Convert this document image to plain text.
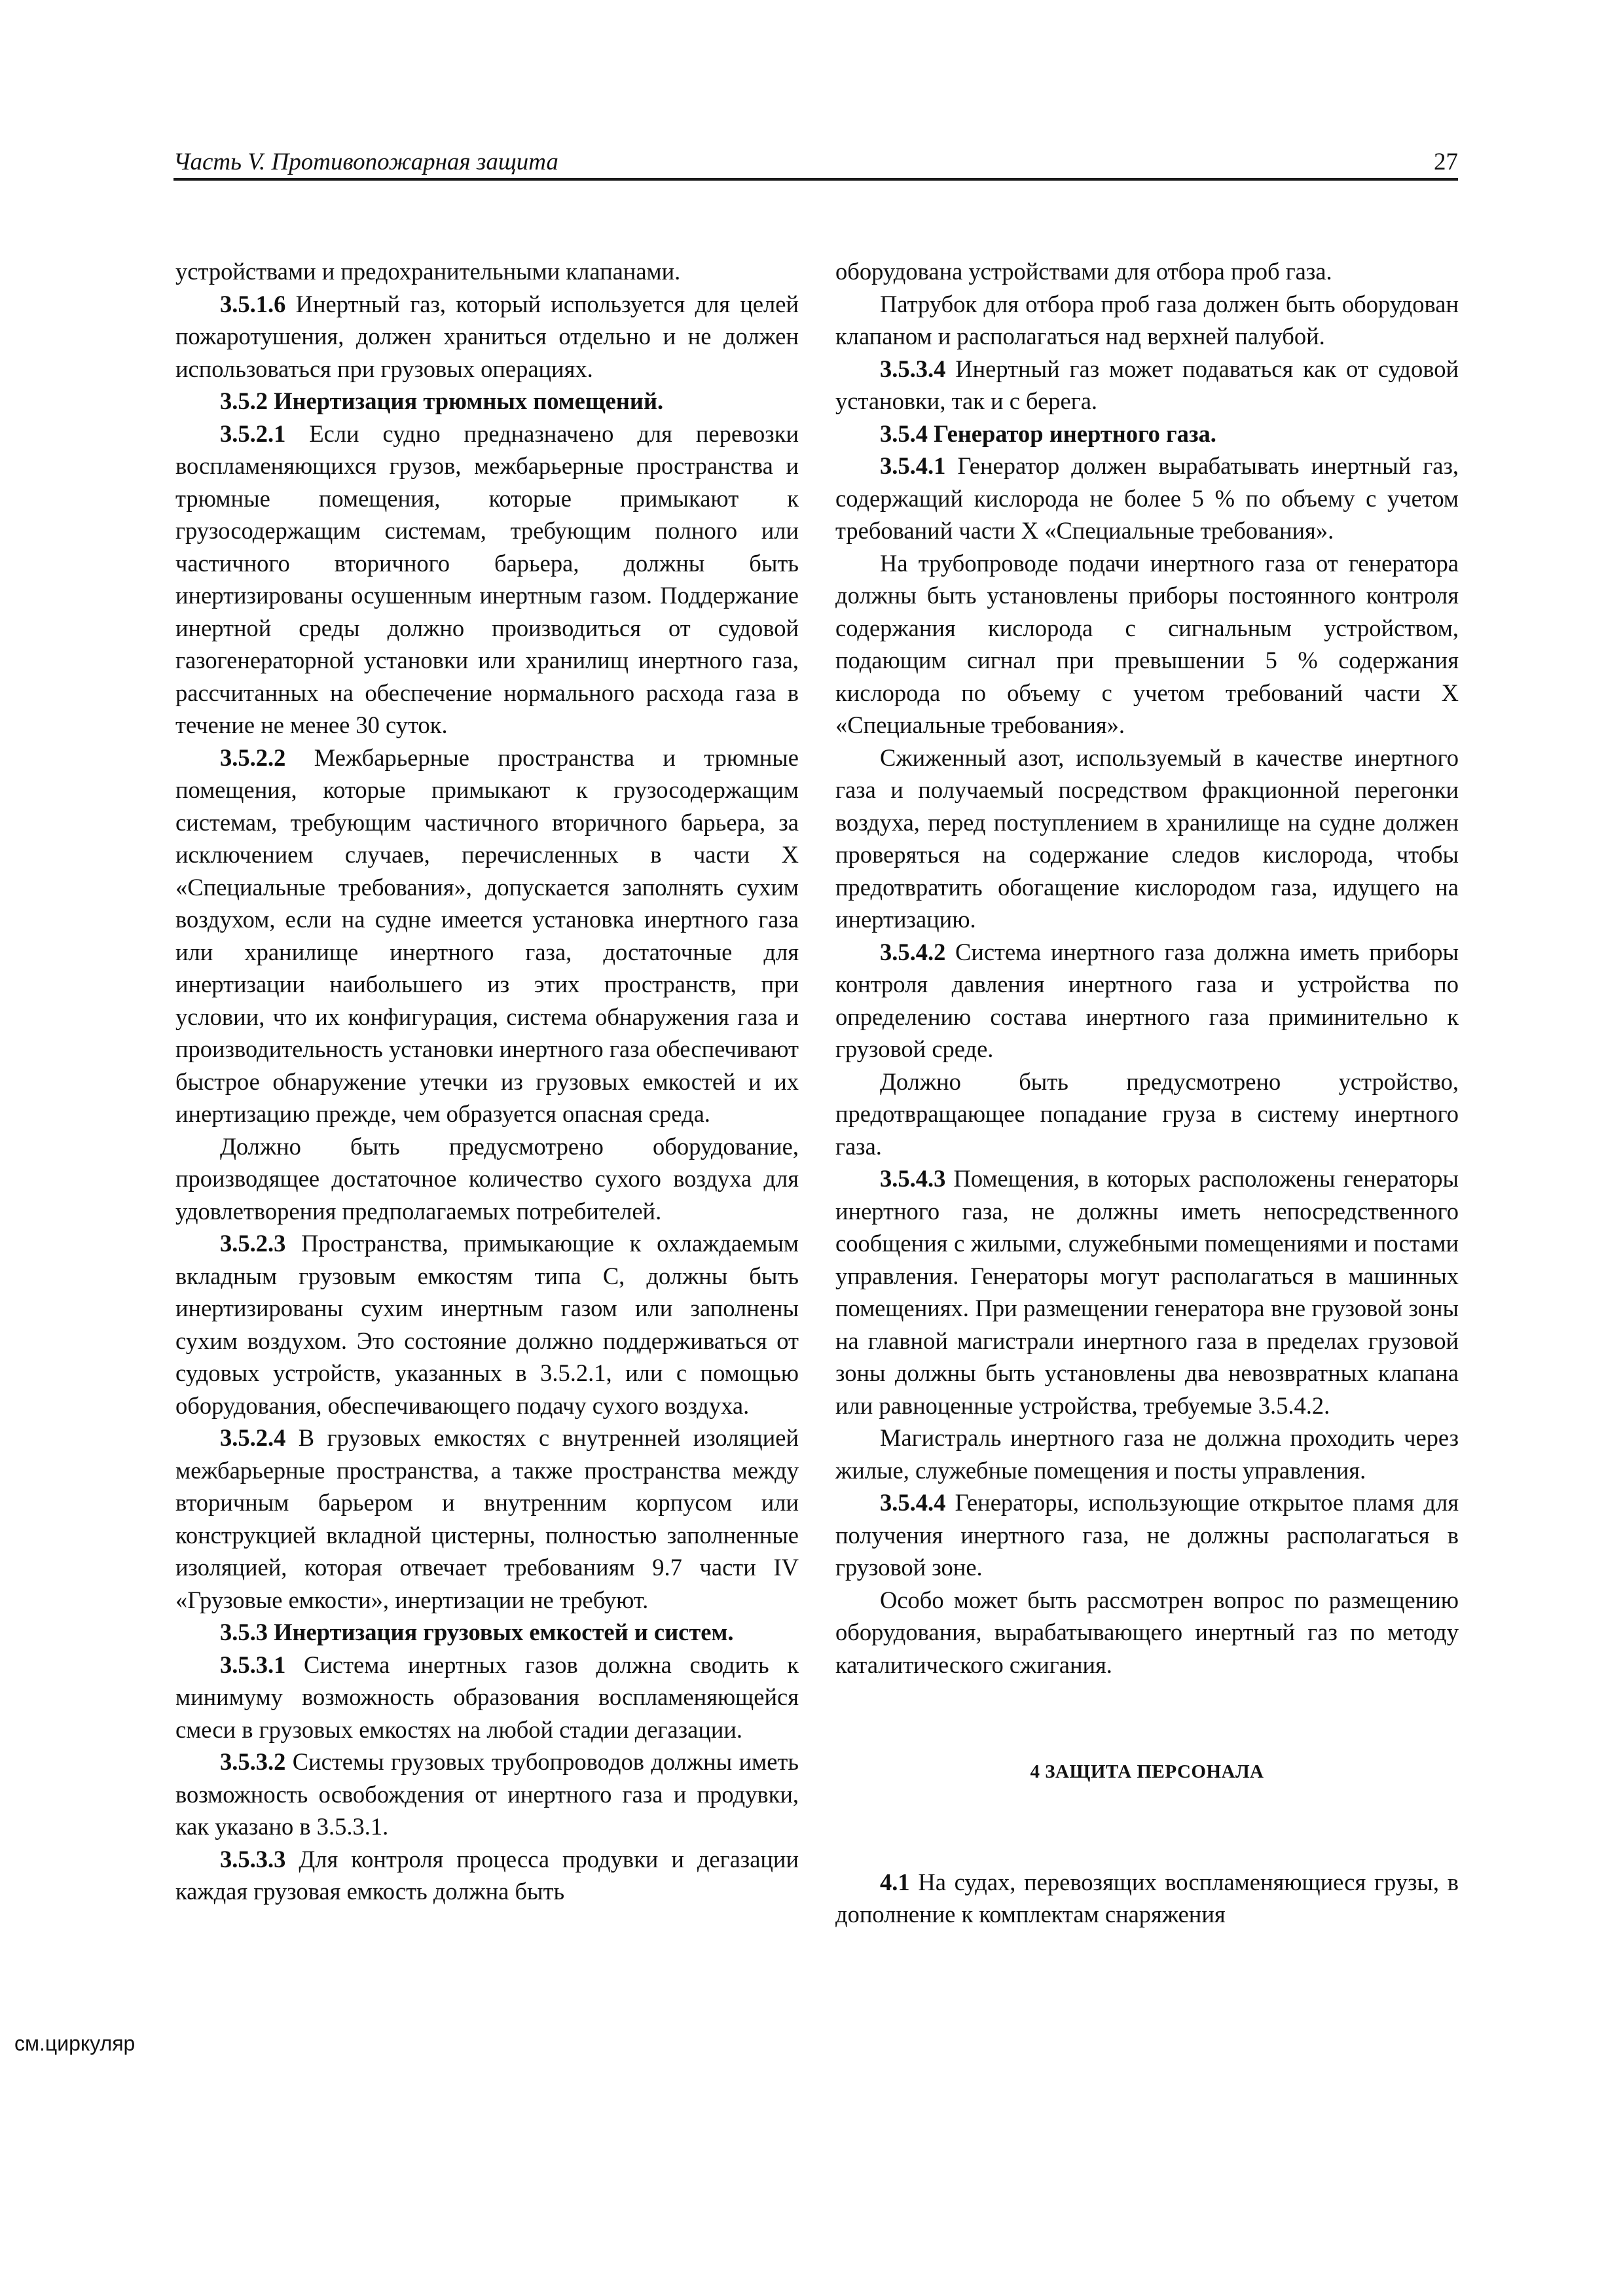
Часть V. Противопожарная защита	27
см.циркуляр

устройствами и предохранительными клапанами.

3.5.1.6 Инертный газ, который используется для целей пожаротушения, должен храниться отдельно и не должен использоваться при грузовых операциях.

3.5.2 Инертизация трюмных помещений.

3.5.2.1 Если судно предназначено для перевозки воспламеняющихся грузов, межбарьерные пространства и трюмные помещения, которые примыкают к грузосодержащим системам, требующим полного или частичного вторичного барьера, должны быть инертизированы осушенным инертным газом. Поддержание инертной среды должно производиться от судовой газогенераторной установки или хранилищ инертного газа, рассчитанных на обеспечение нормального расхода газа в течение не менее 30 суток.

3.5.2.2 Межбарьерные пространства и трюмные помещения, которые примыкают к грузосодержащим системам, требующим частичного вторичного барьера, за исключением случаев, перечисленных в части X «Специальные требования», допускается заполнять сухим воздухом, если на судне имеется установка инертного газа или хранилище инертного газа, достаточные для инертизации наибольшего из этих пространств, при условии, что их конфигурация, система обнаружения газа и производительность установки инертного газа обеспечивают быстрое обнаружение утечки из грузовых емкостей и их инертизацию прежде, чем образуется опасная среда.

Должно быть предусмотрено оборудование, производящее достаточное количество сухого воздуха для удовлетворения предполагаемых потребителей.

3.5.2.3 Пространства, примыкающие к охлаждаемым вкладным грузовым емкостям типа С, должны быть инертизированы сухим инертным газом или заполнены сухим воздухом. Это состояние должно поддерживаться от судовых устройств, указанных в 3.5.2.1, или с помощью оборудования, обеспечивающего подачу сухого воздуха.

3.5.2.4 В грузовых емкостях с внутренней изоляцией межбарьерные пространства, а также пространства между вторичным барьером и внутренним корпусом или конструкцией вкладной цистерны, полностью заполненные изоляцией, которая отвечает требованиям 9.7 части IV «Грузовые емкости», инертизации не требуют.

3.5.3 Инертизация грузовых емкостей и систем.

3.5.3.1 Система инертных газов должна сводить к минимуму возможность образования воспламеняющейся смеси в грузовых емкостях на любой стадии дегазации.

3.5.3.2 Системы грузовых трубопроводов должны иметь возможность освобождения от инертного газа и продувки, как указано в 3.5.3.1.

3.5.3.3 Для контроля процесса продувки и дегазации каждая грузовая емкость должна быть

оборудована устройствами для отбора проб газа.

Патрубок для отбора проб газа должен быть оборудован клапаном и располагаться над верхней палубой.

3.5.3.4 Инертный газ может подаваться как от судовой установки, так и с берега.

3.5.4 Генератор инертного газа.

3.5.4.1 Генератор должен вырабатывать инертный газ, содержащий кислорода не более 5 % по объему с учетом требований части X «Специальные требования».

На трубопроводе подачи инертного газа от генератора должны быть установлены приборы постоянного контроля содержания кислорода с сигнальным устройством, подающим сигнал при превышении 5 % содержания кислорода по объему с учетом требований части X «Специальные требования».

Сжиженный азот, используемый в качестве инертного газа и получаемый посредством фракционной перегонки воздуха, перед поступлением в хранилище на судне должен проверяться на содержание следов кислорода, чтобы предотвратить обогащение кислородом газа, идущего на инертизацию.

3.5.4.2 Система инертного газа должна иметь приборы контроля давления инертного газа и устройства по определению состава инертного газа приминительно к грузовой среде.

Должно быть предусмотрено устройство, предотвращающее попадание груза в систему инертного газа.

3.5.4.3 Помещения, в которых расположены генераторы инертного газа, не должны иметь непосредственного сообщения с жилыми, служебными помещениями и постами управления. Генераторы могут располагаться в машинных помещениях. При размещении генератора вне грузовой зоны на главной магистрали инертного газа в пределах грузовой зоны должны быть установлены два невозвратных клапана или равноценные устройства, требуемые 3.5.4.2.

Магистраль инертного газа не должна проходить через жилые, служебные помещения и посты управления.

3.5.4.4 Генераторы, использующие открытое пламя для получения инертного газа, не должны располагаться в грузовой зоне.

Особо может быть рассмотрен вопрос по размещению оборудования, вырабатывающего инертный газ по методу каталитического сжигания.

4 ЗАЩИТА ПЕРСОНАЛА

4.1 На судах, перевозящих воспламеняющиеся грузы, в дополнение к комплектам снаряжения
